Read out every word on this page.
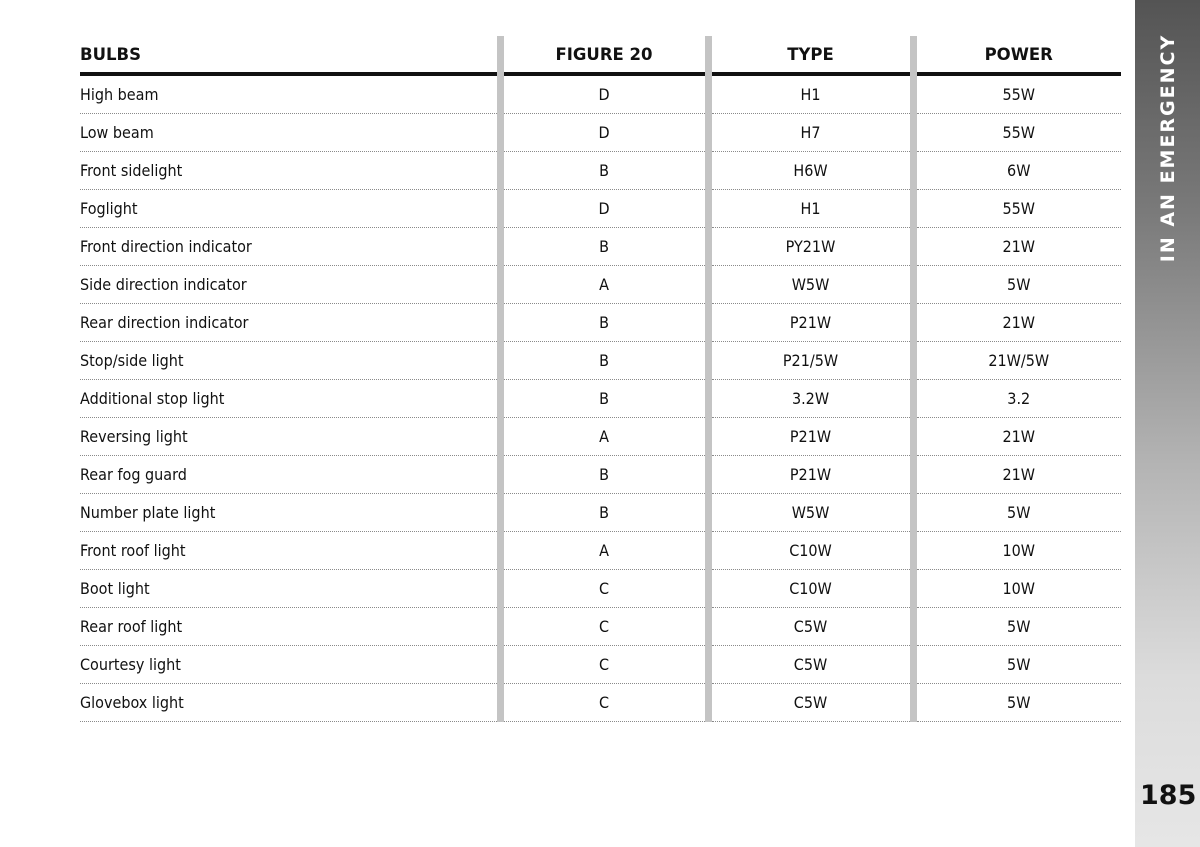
BULBS	FIGURE 20	TYPE	POWER
High beam	D	H1	55W
Low beam	D	H7	55W
Front sidelight	B	H6W	6W
Foglight	D	H1	55W
Front direction indicator	B	PY21W	21W
Side direction indicator	A	W5W	5W
Rear direction indicator	B	P21W	21W
Stop/side light	B	P21/5W	21W/5W
Additional stop light	B	3.2W	3.2
Reversing light	A	P21W	21W
Rear fog guard	B	P21W	21W
Number plate light	B	W5W	5W
Front roof light	A	C10W	10W
Boot light	C	C10W	10W
Rear roof light	C	C5W	5W
Courtesy light	C	C5W	5W
Glovebox light	C	C5W	5W
IN AN EMERGENCY
185
